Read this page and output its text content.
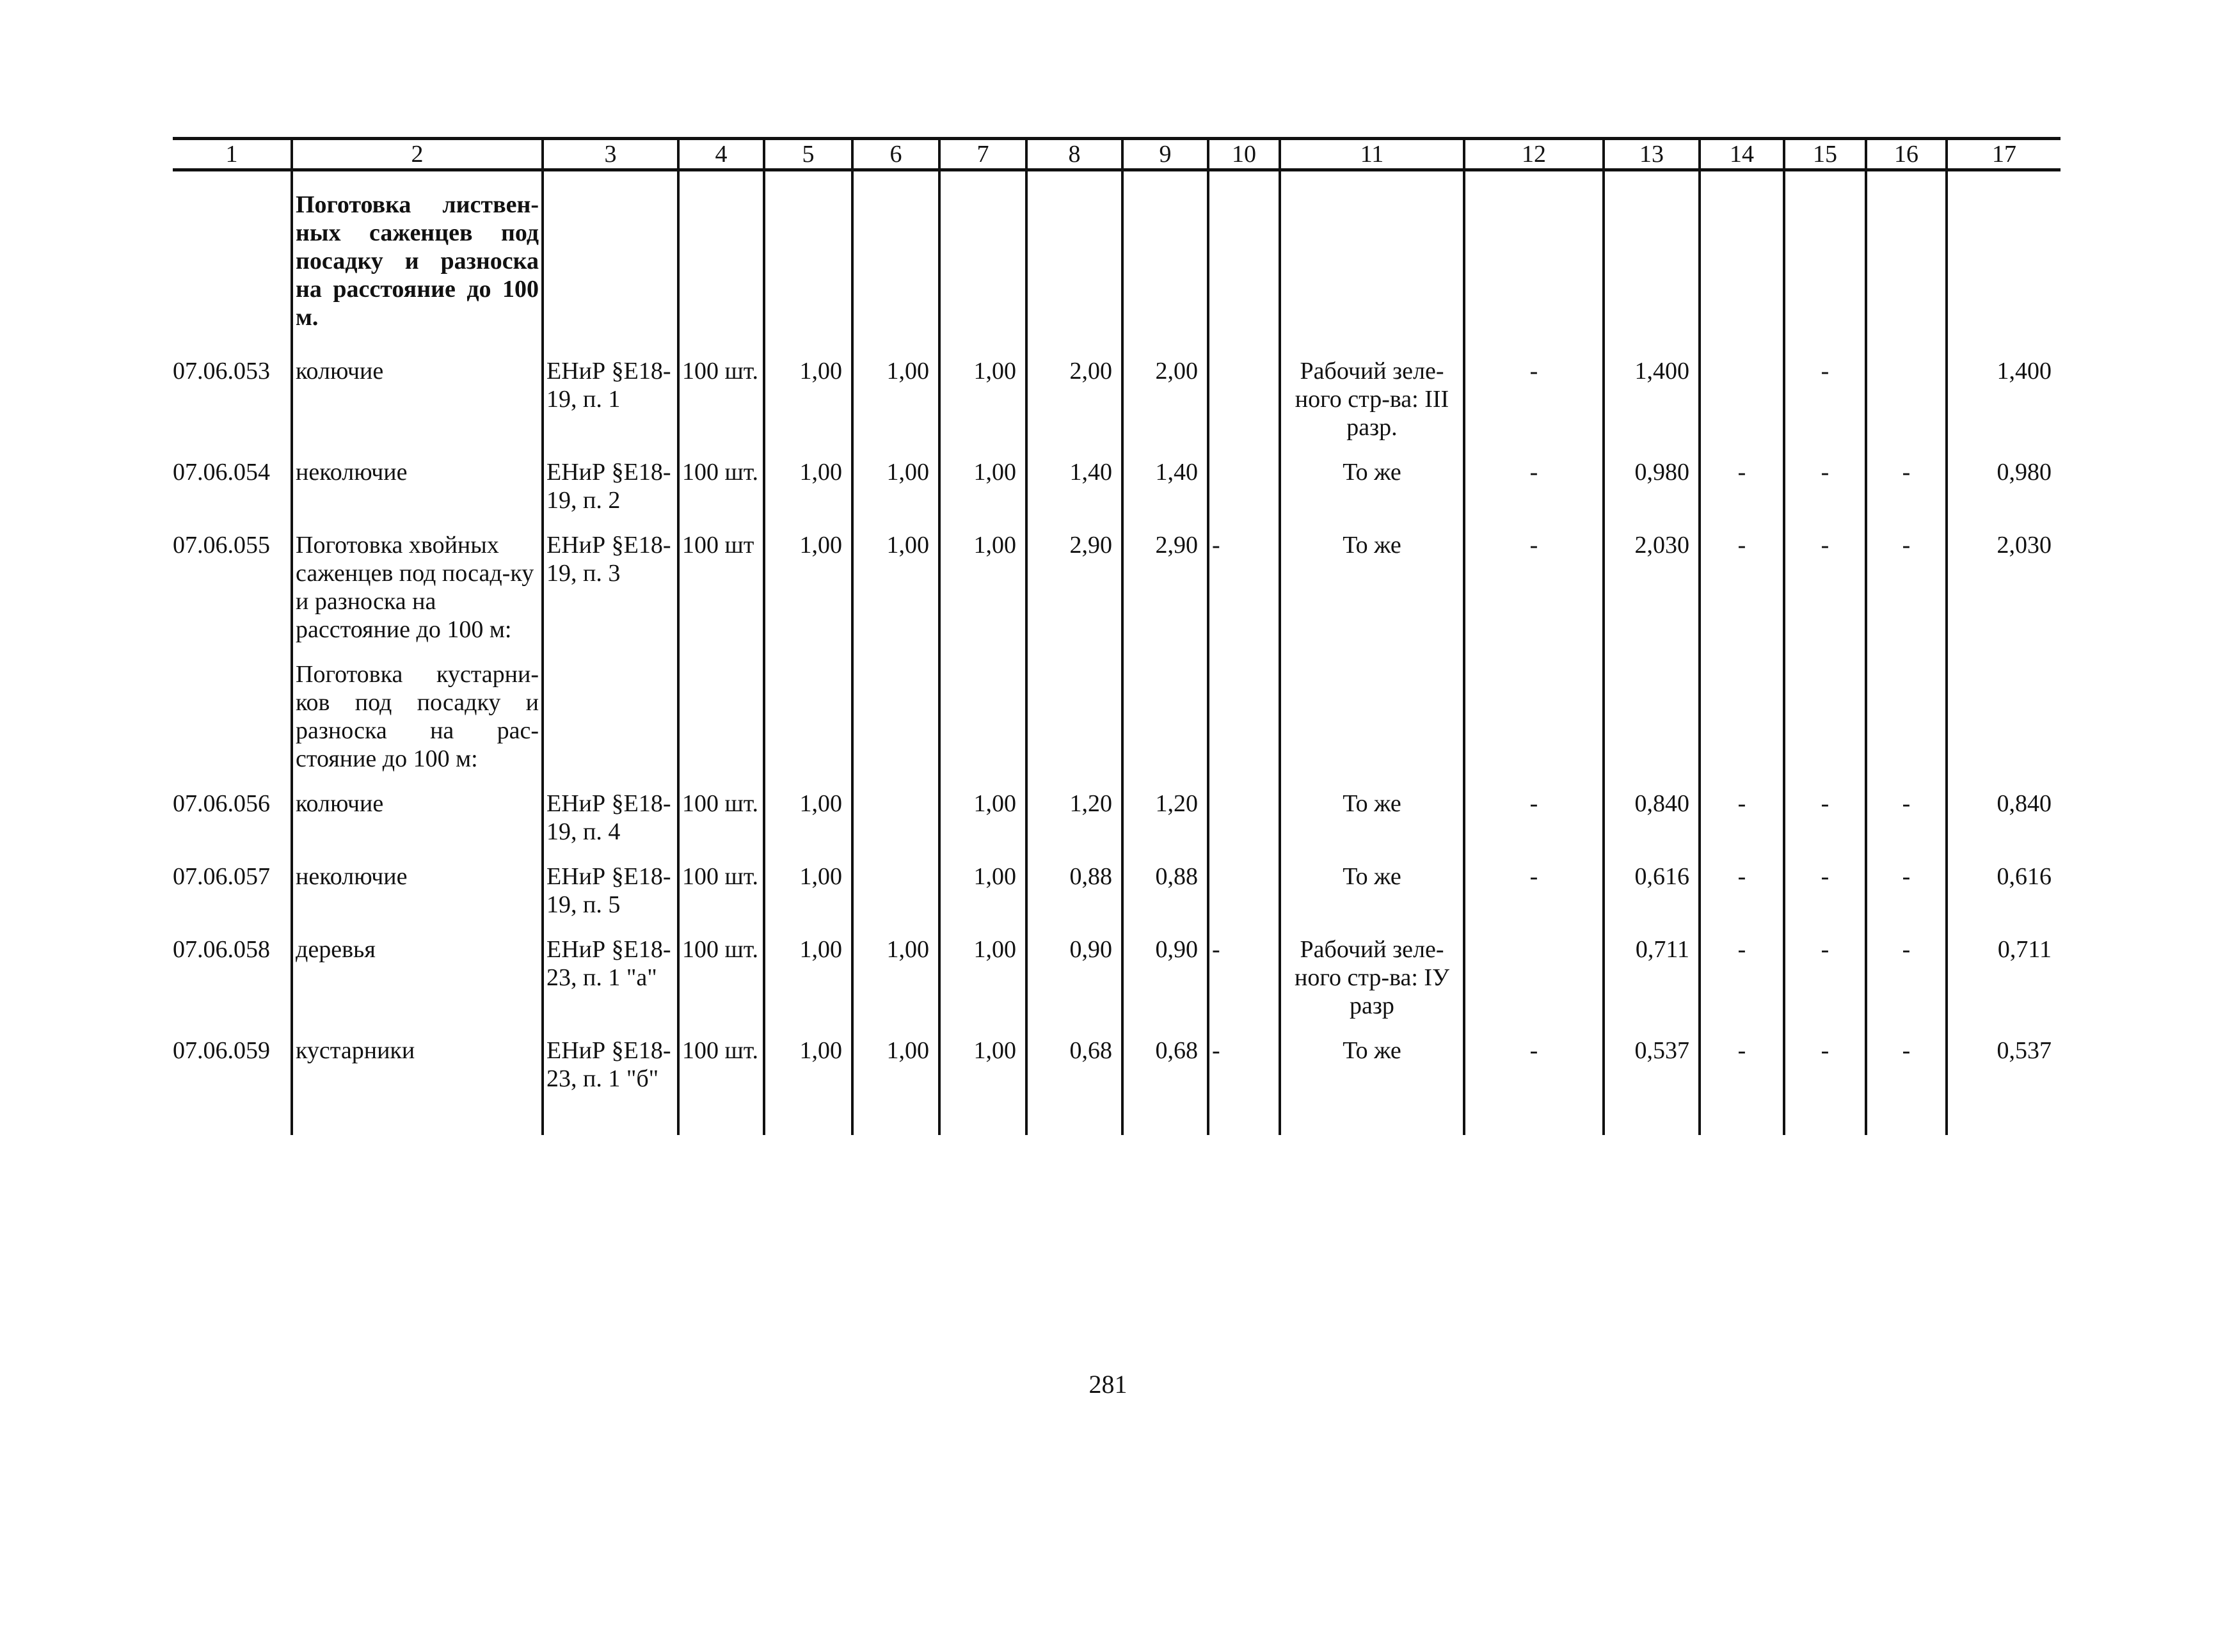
1	2	3	4	5	6	7	8	9	10	11	12	13	14	15	16	17
	Поготовка листвен-ных саженцев под посадку и разноска на расстояние до 100 м.															
07.06.053	колючие	ЕНиР §Е18-19, п. 1	100 шт.	1,00	1,00	1,00	2,00	2,00		Рабочий зеле-ного стр-ва: III разр.	-	1,400		-		1,400
07.06.054	неколючие	ЕНиР §Е18-19, п. 2	100 шт.	1,00	1,00	1,00	1,40	1,40		То же	-	0,980	-	-	-	0,980
07.06.055	Поготовка хвойных саженцев под посад-ку и разноска на расстояние до 100 м:	ЕНиР §Е18-19, п. 3	100 шт	1,00	1,00	1,00	2,90	2,90	-	То же	-	2,030	-	-	-	2,030
	Поготовка кустарни-ков под посадку и разноска на рас-стояние до 100 м:															
07.06.056	колючие	ЕНиР §Е18-19, п. 4	100 шт.	1,00		1,00	1,20	1,20		То же	-	0,840	-	-	-	0,840
07.06.057	неколючие	ЕНиР §Е18-19, п. 5	100 шт.	1,00		1,00	0,88	0,88		То же	-	0,616	-	-	-	0,616
07.06.058	деревья	ЕНиР §Е18-23, п. 1 "а"	100 шт.	1,00	1,00	1,00	0,90	0,90	-	Рабочий зеле-ного стр-ва: IУ разр		0,711	-	-	-	0,711
07.06.059	кустарники	ЕНиР §Е18-23, п. 1 "б"	100 шт.	1,00	1,00	1,00	0,68	0,68	-	То же	-	0,537	-	-	-	0,537

281
